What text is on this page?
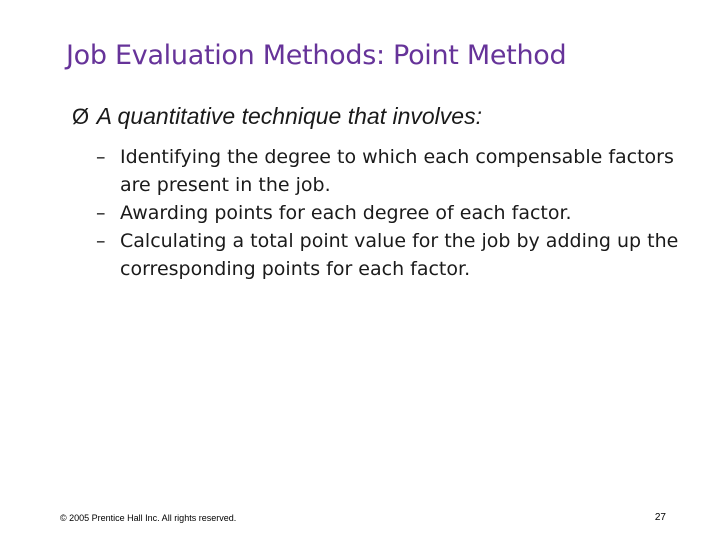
Job Evaluation Methods: Point Method
Ø A quantitative technique that involves:
– Identifying the degree to which each compensable factors are present in the job.
– Awarding points for each degree of each factor.
– Calculating a total point value for the job by adding up the corresponding points for each factor.
© 2005 Prentice Hall Inc. All rights reserved.	27
